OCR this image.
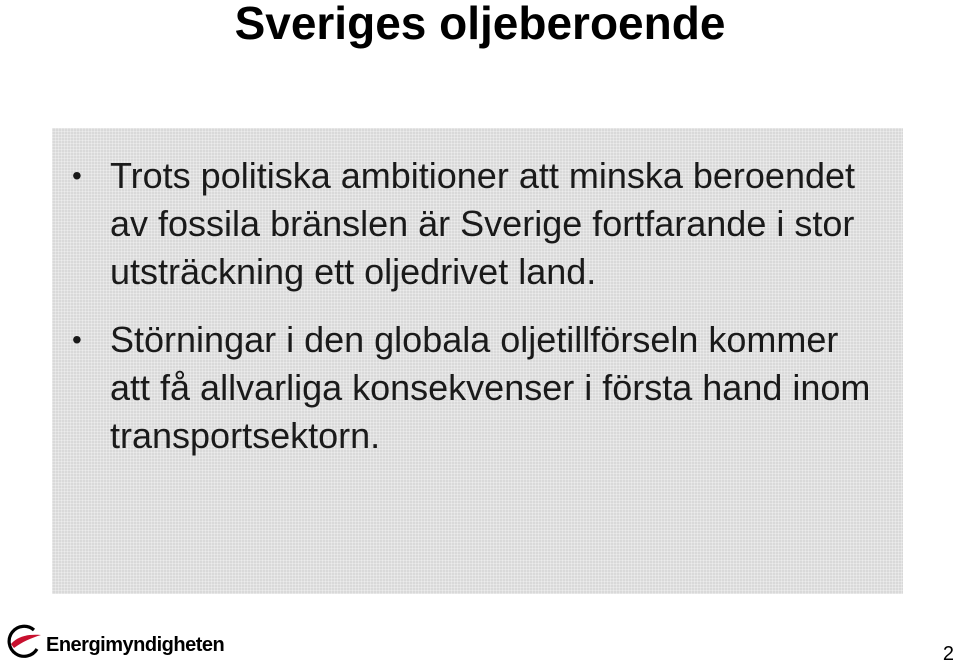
Sveriges oljeberoende
• Trots politiska ambitioner att minska beroendet av fossila bränslen är Sverige fortfarande i stor utsträckning ett oljedrivet land.
• Störningar i den globala oljetillförseln kommer att få allvarliga konsekvenser i första hand inom transportsektorn.
Energimyndigheten	2
